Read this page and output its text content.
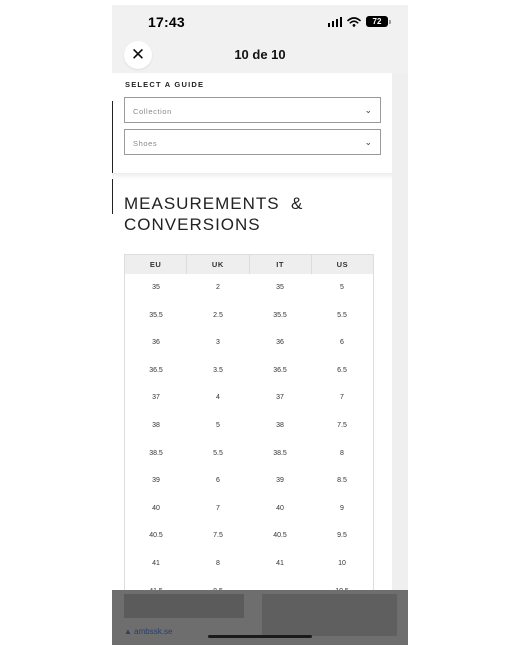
17:43	72
✕	10 de 10
SELECT A GUIDE
Collection	⌄
Shoes	⌄
MEASUREMENTS  &
CONVERSIONS
EU	UK	IT	US
35	2	35	5
35.5	2.5	35.5	5.5
36	3	36	6
36.5	3.5	36.5	6.5
37	4	37	7
38	5	38	7.5
38.5	5.5	38.5	8
39	6	39	8.5
40	7	40	9
40.5	7.5	40.5	9.5
41	8	41	10
▲ ambssk.se
